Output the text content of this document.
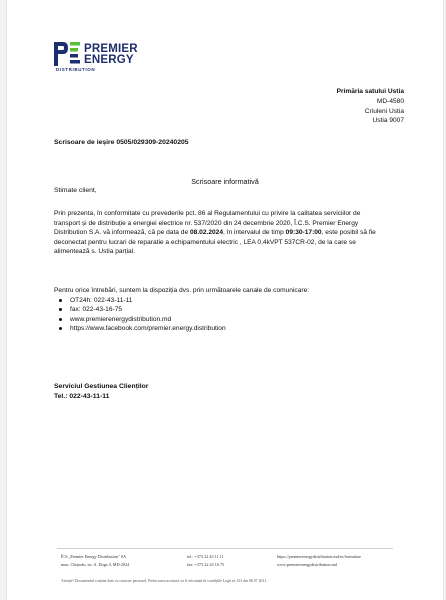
PREMIER
ENERGY
DISTRIBUTION
Primăria satului Ustia
MD-4580
Criuleni Ustia
Ustia 9007
Scrisoare de ieșire 0505/029309-20240205
Scrisoare informativă
Stimate client,
Prin prezenta, în conformitate cu prevederile pct. 86 al Regulamentului cu privire la calitatea serviciilor de transport și de distribuție a energiei electrice nr. 537/2020 din 24 decembrie 2020, Î.C.S. Premier Energy Distribution S.A. vă informează, că pe data de 08.02.2024, în intervalul de timp 09:30-17:00, este posibil să fie deconectat pentru lucrari de reparatie a echipamentului electric , LEA 0,4kVPT 537CR-02, de la care se alimentează s. Ustia parțial.
Pentru orice întrebări, suntem la dispoziția dvs. prin următoarele canale de comunicare:
OT24h: 022-43-11-11
fax: 022-43-16-75
www.premierenergydistribution.md
https://www.facebook.com/premier.energy.distribution
Serviciul Gestiunea Clienților
Tel.: 022-43-11-11
ÎCS „Premier Energy Distribution" SA
mun. Chișinău, str. A. Doga 4, MD-2024
tel.: +373 22 43 11 11
fax: +373 22 43 16 75
https://premierenergydistribution.md/ro/formulare
www.premierenergydistribution.md
Atenție! Documentul conține date cu caracter personal. Prelucrarea acestora va fi efectuată în condițiile Legii nr.133 din 08.07.2011.
